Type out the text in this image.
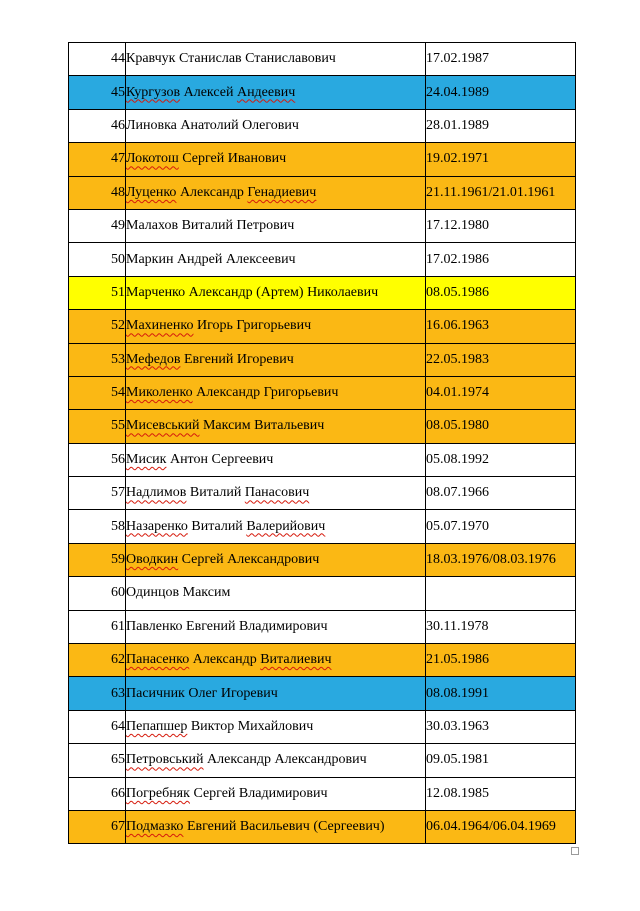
44	Кравчук Станислав Станиславович	17.02.1987
45	Кургузов Алексей Андеевич	24.04.1989
46	Линовка Анатолий Олегович	28.01.1989
47	Локотош Сергей Иванович	19.02.1971
48	Луценко Александр Генадиевич	21.11.1961/21.01.1961
49	Малахов Виталий Петрович	17.12.1980
50	Маркин Андрей Алексеевич	17.02.1986
51	Марченко Александр (Артем) Николаевич	08.05.1986
52	Махиненко Игорь Григорьевич	16.06.1963
53	Мефедов Евгений Игоревич	22.05.1983
54	Миколенко Александр Григорьевич	04.01.1974
55	Мисевський Максим Витальевич	08.05.1980
56	Мисик Антон Сергеевич	05.08.1992
57	Надлимов Виталий Панасович	08.07.1966
58	Назаренко Виталий Валерийович	05.07.1970
59	Оводкин Сергей Александрович	18.03.1976/08.03.1976
60	Одинцов Максим	
61	Павленко Евгений Владимирович	30.11.1978
62	Панасенко Александр Виталиевич	21.05.1986
63	Пасичник Олег Игоревич	08.08.1991
64	Пепапшер Виктор Михайлович	30.03.1963
65	Петровський Александр Александрович	09.05.1981
66	Погребняк Сергей Владимирович	12.08.1985
67	Подмазко Евгений Васильевич (Сергеевич)	06.04.1964/06.04.1969
